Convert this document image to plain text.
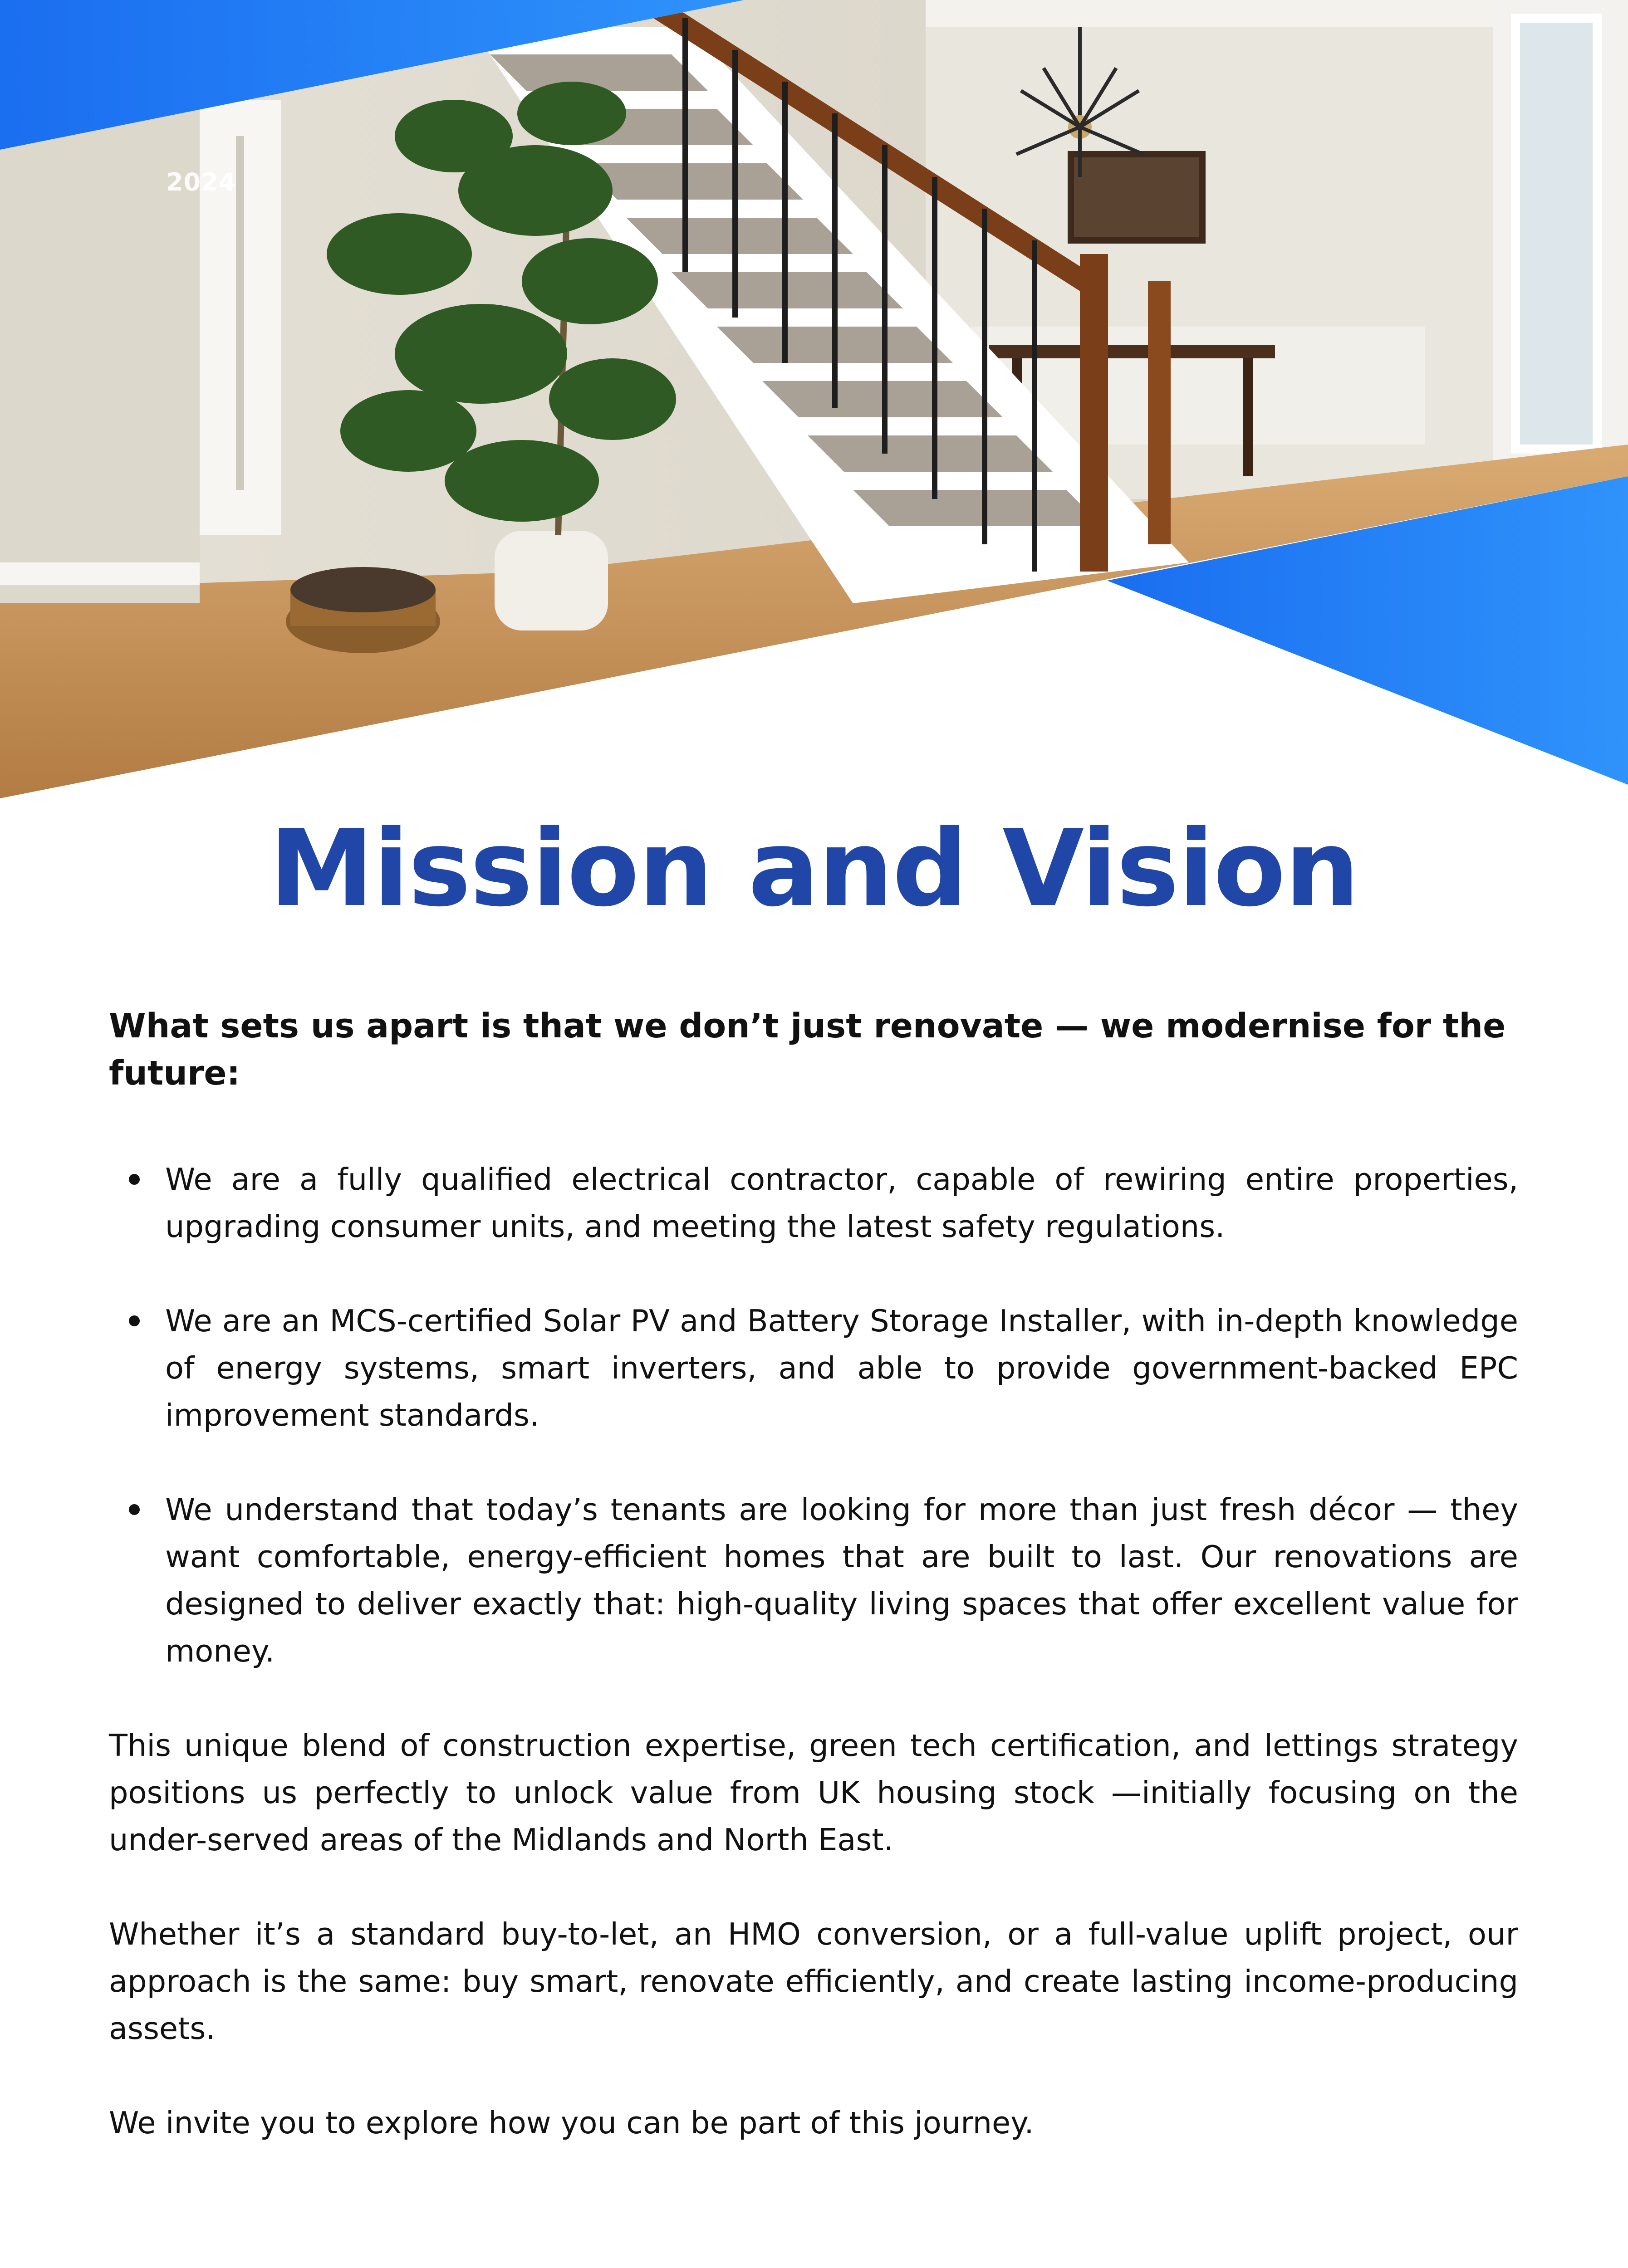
2024
Mission and Vision

What sets us apart is that we don’t just renovate — we modernise for the future:

We are a fully qualified electrical contractor, capable of rewiring entire properties, upgrading consumer units, and meeting the latest safety regulations.
We are an MCS-certified Solar PV and Battery Storage Installer, with in-depth knowledge of energy systems, smart inverters, and able to provide government-backed EPC improvement standards.
We understand that today’s tenants are looking for more than just fresh décor — they want comfortable, energy-efficient homes that are built to last. Our renovations are designed to deliver exactly that: high-quality living spaces that offer excellent value for money.

This unique blend of construction expertise, green tech certification, and lettings strategy positions us perfectly to unlock value from UK housing stock —initially focusing on the under-served areas of the Midlands and North East.

Whether it’s a standard buy-to-let, an HMO conversion, or a full-value uplift project, our approach is the same: buy smart, renovate efficiently, and create lasting income-producing assets.

We invite you to explore how you can be part of this journey.
